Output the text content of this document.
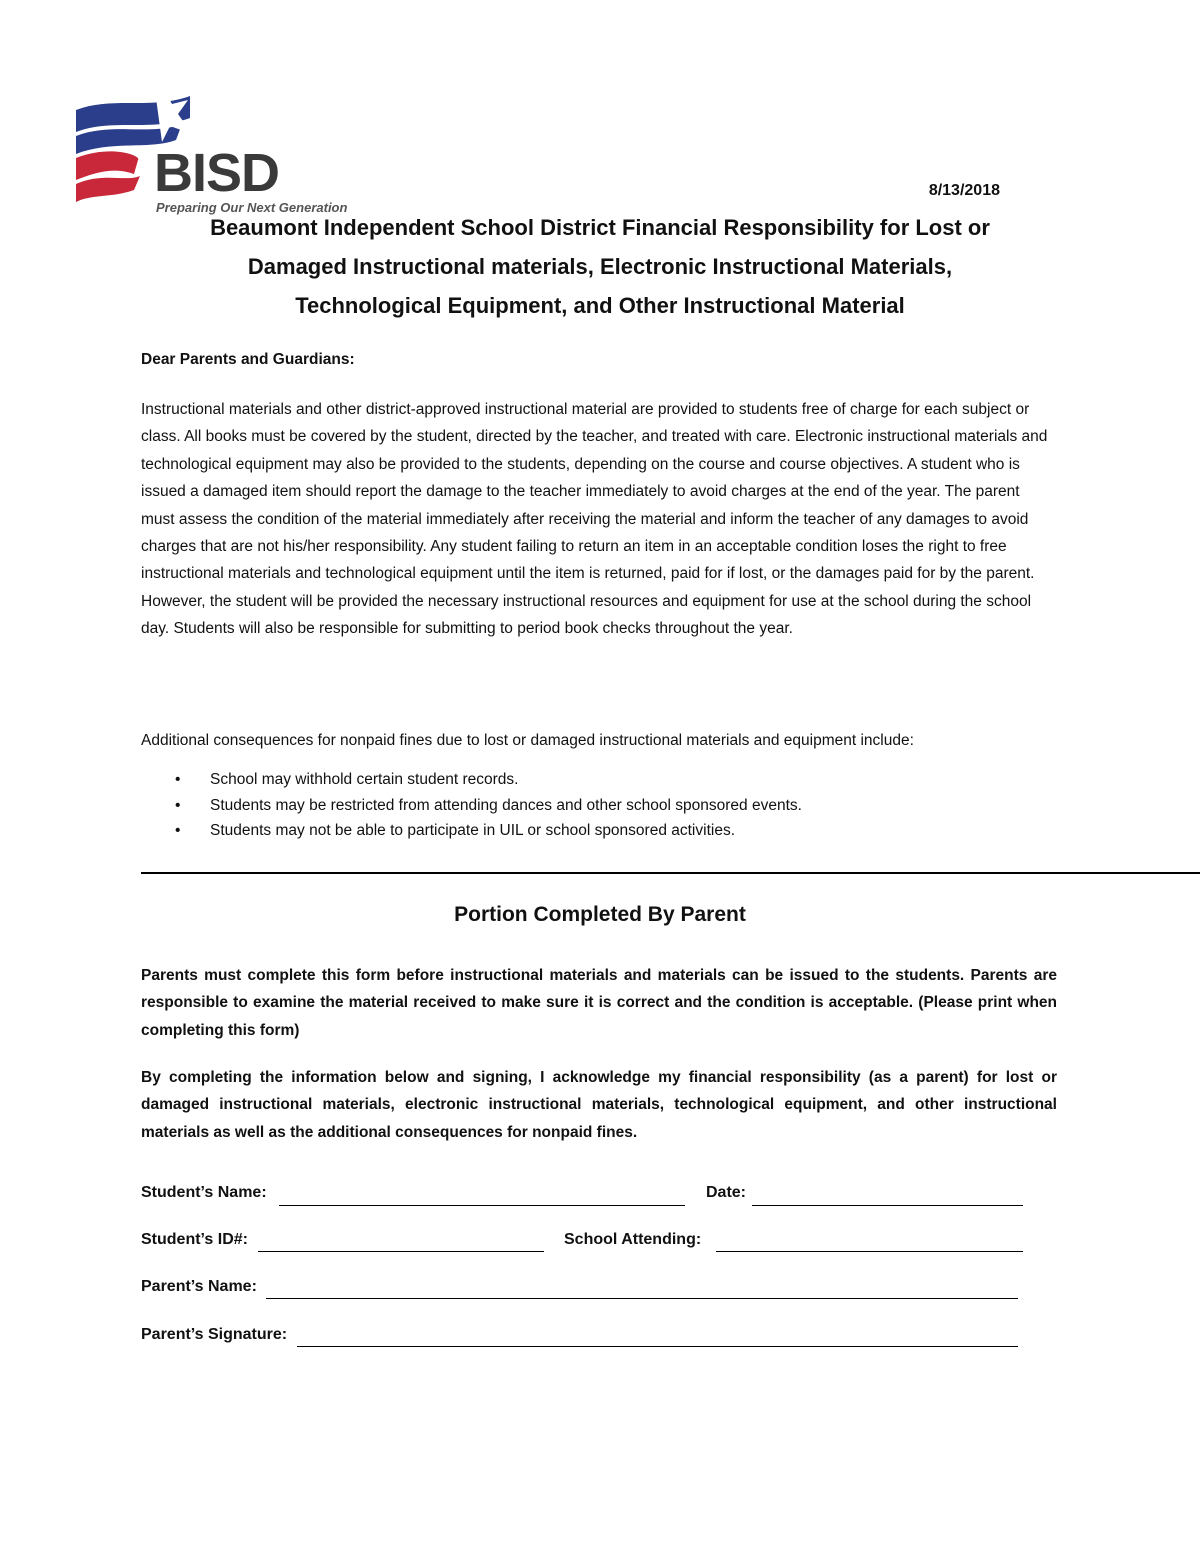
BISD
Preparing Our Next Generation
8/13/2018
Beaumont Independent School District Financial Responsibility for Lost or
Damaged Instructional materials, Electronic Instructional Materials,
Technological Equipment, and Other Instructional Material

Dear Parents and Guardians:

Instructional materials and other district-approved instructional material are provided to students free of charge for each subject or class. All books must be covered by the student, directed by the teacher, and treated with care. Electronic instructional materials and technological equipment may also be provided to the students, depending on the course and course objectives. A student who is issued a damaged item should report the damage to the teacher immediately to avoid charges at the end of the year. The parent must assess the condition of the material immediately after receiving the material and inform the teacher of any damages to avoid charges that are not his/her responsibility. Any student failing to return an item in an acceptable condition loses the right to free instructional materials and technological equipment until the item is returned, paid for if lost, or the damages paid for by the parent. However, the student will be provided the necessary instructional resources and equipment for use at the school during the school day. Students will also be responsible for submitting to period book checks throughout the year.

Additional consequences for nonpaid fines due to lost or damaged instructional materials and equipment include:

• School may withhold certain student records.
• Students may be restricted from attending dances and other school sponsored events.
• Students may not be able to participate in UIL or school sponsored activities.
Portion Completed By Parent

Parents must complete this form before instructional materials and materials can be issued to the students. Parents are responsible to examine the material received to make sure it is correct and the condition is acceptable. (Please print when completing this form)

By completing the information below and signing, I acknowledge my financial responsibility (as a parent) for lost or damaged instructional materials, electronic instructional materials, technological equipment, and other instructional materials as well as the additional consequences for nonpaid fines.

Student’s Name:	Date:
Student’s ID#:	School Attending:
Parent’s Name:
Parent’s Signature:
